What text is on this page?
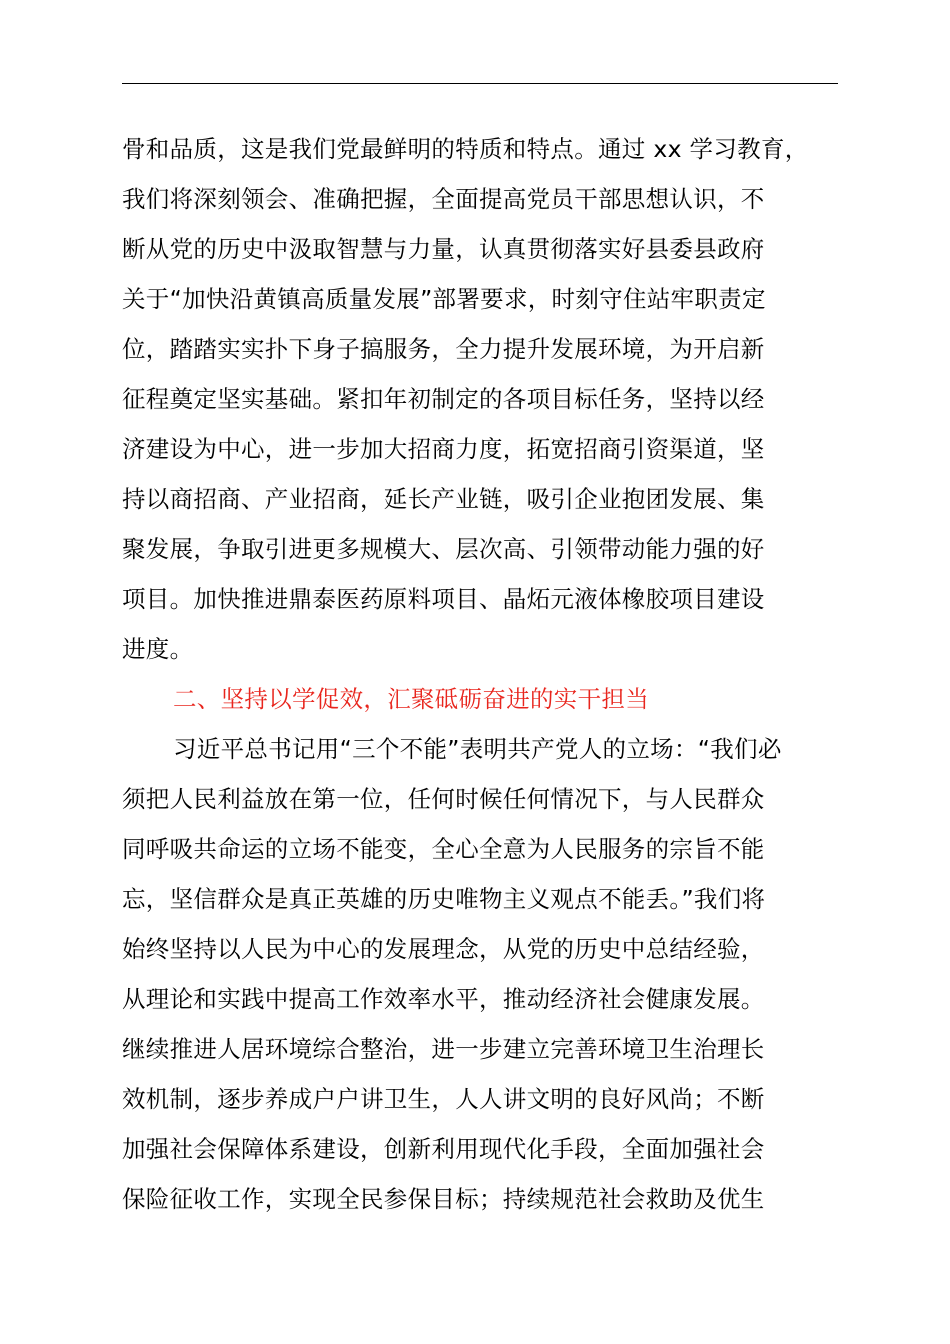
骨和品质，这是我们党最鲜明的特质和特点。通过 xx 学习教育，
我们将深刻领会、准确把握，全面提高党员干部思想认识，不
断从党的历史中汲取智慧与力量，认真贯彻落实好县委县政府
关于“加快沿黄镇高质量发展”部署要求，时刻守住站牢职责定
位，踏踏实实扑下身子搞服务，全力提升发展环境，为开启新
征程奠定坚实基础。紧扣年初制定的各项目标任务，坚持以经
济建设为中心，进一步加大招商力度，拓宽招商引资渠道，坚
持以商招商、产业招商，延长产业链，吸引企业抱团发展、集
聚发展，争取引进更多规模大、层次高、引领带动能力强的好
项目。加快推进鼎泰医药原料项目、晶炻元液体橡胶项目建设
进度。
二、坚持以学促效，汇聚砥砺奋进的实干担当
习近平总书记用“三个不能”表明共产党人的立场：“我们必
须把人民利益放在第一位，任何时候任何情况下，与人民群众
同呼吸共命运的立场不能变，全心全意为人民服务的宗旨不能
忘，坚信群众是真正英雄的历史唯物主义观点不能丢。”我们将
始终坚持以人民为中心的发展理念，从党的历史中总结经验，
从理论和实践中提高工作效率水平，推动经济社会健康发展。
继续推进人居环境综合整治，进一步建立完善环境卫生治理长
效机制，逐步养成户户讲卫生，人人讲文明的良好风尚；不断
加强社会保障体系建设，创新利用现代化手段，全面加强社会
保险征收工作，实现全民参保目标；持续规范社会救助及优生
